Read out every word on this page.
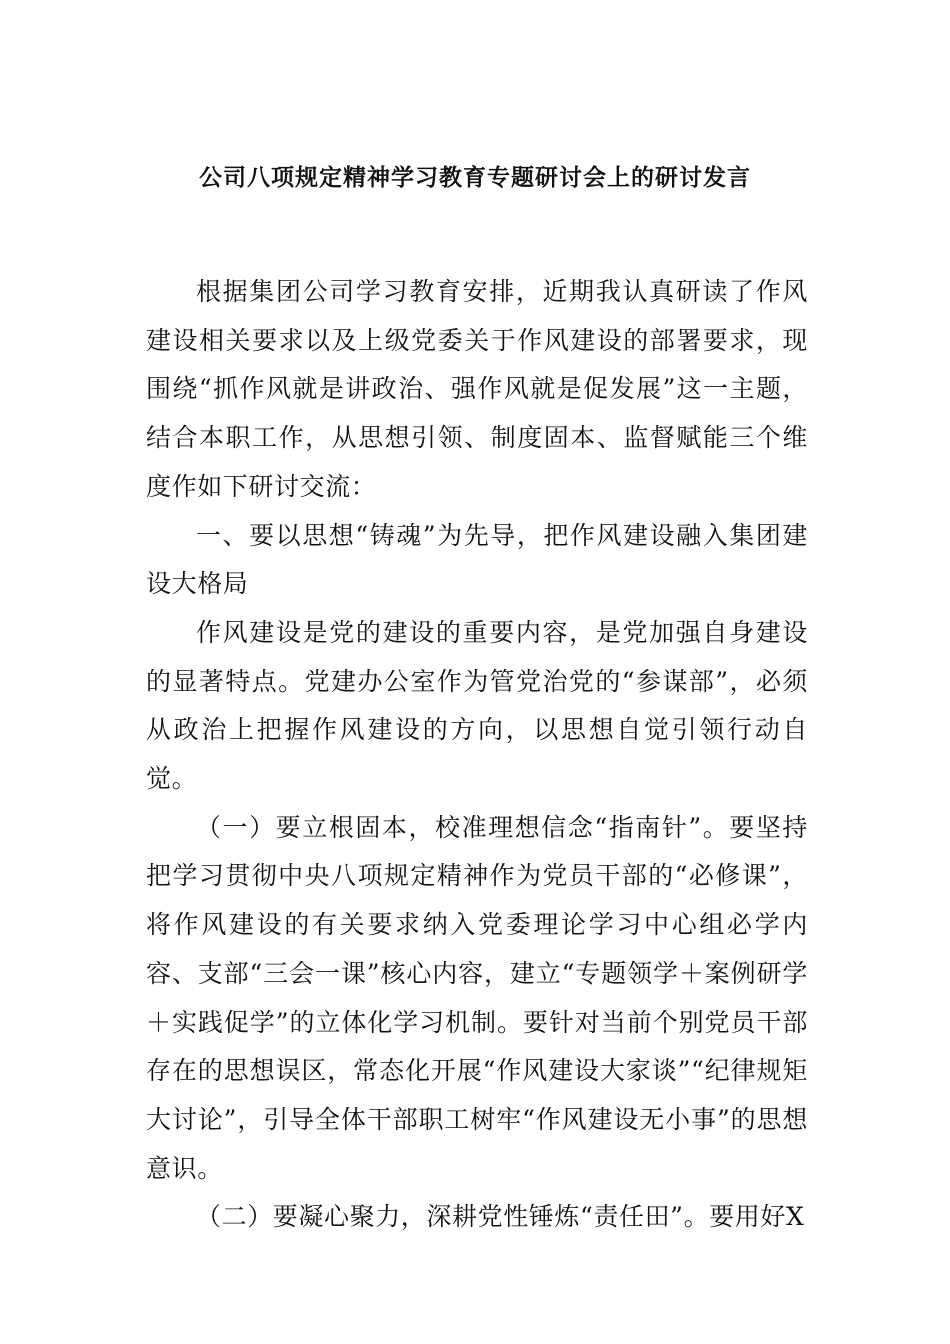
公司八项规定精神学习教育专题研讨会上的研讨发言

根据集团公司学习教育安排，近期我认真研读了作风建设相关要求以及上级党委关于作风建设的部署要求，现围绕“抓作风就是讲政治、强作风就是促发展”这一主题，结合本职工作，从思想引领、制度固本、监督赋能三个维度作如下研讨交流：

一、要以思想“铸魂”为先导，把作风建设融入集团建设大格局

作风建设是党的建设的重要内容，是党加强自身建设的显著特点。党建办公室作为管党治党的“参谋部”，必须从政治上把握作风建设的方向，以思想自觉引领行动自觉。

（一）要立根固本，校准理想信念“指南针”。要坚持把学习贯彻中央八项规定精神作为党员干部的“必修课”，将作风建设的有关要求纳入党委理论学习中心组必学内容、支部“三会一课”核心内容，建立“专题领学＋案例研学＋实践促学”的立体化学习机制。要针对当前个别党员干部存在的思想误区，常态化开展“作风建设大家谈”“纪律规矩大讨论”，引导全体干部职工树牢“作风建设无小事”的思想意识。

（二）要凝心聚力，深耕党性锤炼“责任田”。要用好X
